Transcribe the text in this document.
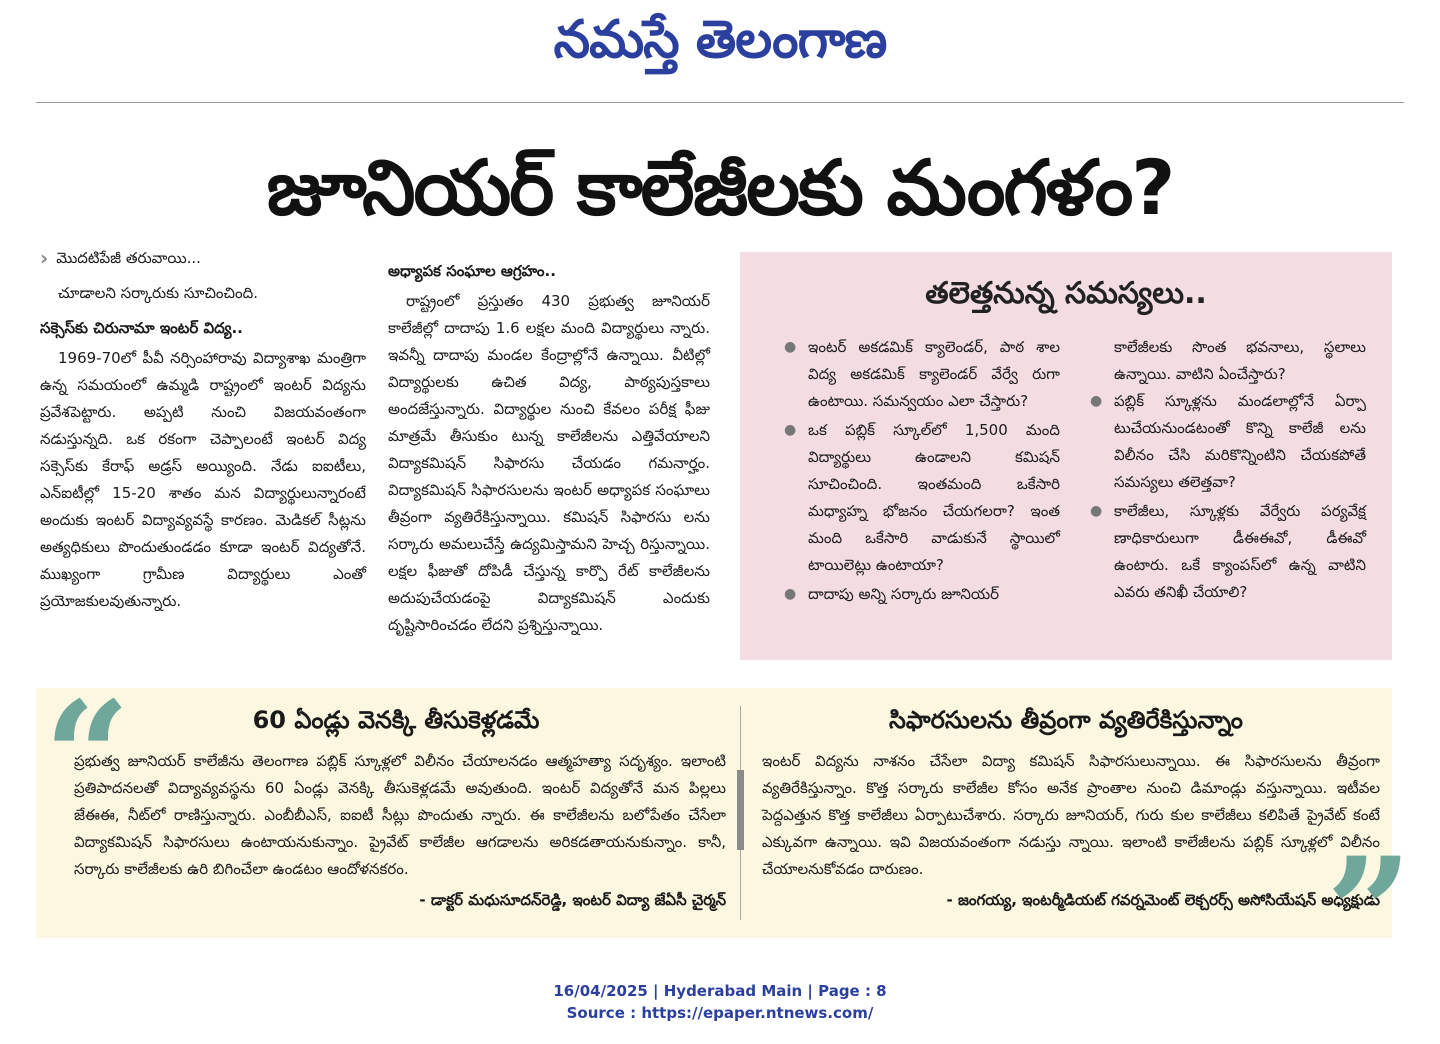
నమస్తే తెలంగాణ
జూనియర్ కాలేజీలకు మంగళం?
› మొదటిపేజీ తరువాయి...

చూడాలని సర్కారుకు సూచించింది.

సక్సెస్‌కు చిరునామా ఇంటర్ విద్య..

1969-70లో పీవీ నర్సింహారావు విద్యాశాఖ మంత్రిగా ఉన్న సమయంలో ఉమ్మడి రాష్ట్రంలో ఇంటర్ విద్యను ప్రవేశపెట్టారు. అప్పటి నుంచి విజయవంతంగా నడుస్తున్నది. ఒక రకంగా చెప్పాలంటే ఇంటర్ విద్య సక్సెస్‌కు కేరాఫ్ అడ్రస్ అయ్యింది. నేడు ఐఐటీలు, ఎన్ఐటీల్లో 15-20 శాతం మన విద్యార్థులున్నారంటే అందుకు ఇంటర్ విద్యావ్యవస్థే కారణం. మెడికల్ సీట్లను అత్యధికులు పొందుతుండడం కూడా ఇంటర్ విద్యతోనే. ముఖ్యంగా గ్రామీణ విద్యార్థులు ఎంతో ప్రయోజకులవుతున్నారు.

అధ్యాపక సంఘాల ఆగ్రహం..

రాష్ట్రంలో ప్రస్తుతం 430 ప్రభుత్వ జూనియర్ కాలేజీల్లో దాదాపు 1.6 లక్షల మంది విద్యార్థులు న్నారు. ఇవన్నీ దాదాపు మండల కేంద్రాల్లోనే ఉన్నాయి. వీటిల్లో విద్యార్థులకు ఉచిత విద్య, పాఠ్యపుస్తకాలు అందజేస్తున్నారు. విద్యార్థుల నుంచి కేవలం పరీక్ష ఫీజు మాత్రమే తీసుకుం టున్న కాలేజీలను ఎత్తివేయాలని విద్యాకమిషన్ సిఫారసు చేయడం గమనార్హం. విద్యాకమిషన్ సిఫారసులను ఇంటర్ అధ్యాపక సంఘాలు తీవ్రంగా వ్యతిరేకిస్తున్నాయి. కమిషన్ సిఫారసు లను సర్కారు అమలుచేస్తే ఉద్యమిస్తామని హెచ్చ రిస్తున్నాయి. లక్షల ఫీజుతో దోపిడీ చేస్తున్న కార్పొ రేట్ కాలేజీలను అదుపుచేయడంపై విద్యాకమిషన్ ఎందుకు దృష్టిసారించడం లేదని ప్రశ్నిస్తున్నాయి.

తలెత్తనున్న సమస్యలు..
● ఇంటర్ అకడమిక్ క్యాలెండర్, పాఠ శాల విద్య అకడమిక్ క్యాలెండర్ వేర్వే రుగా ఉంటాయి. సమన్వయం ఎలా చేస్తారు?
● ఒక పబ్లిక్ స్కూల్‌లో 1,500 మంది విద్యార్థులు ఉండాలని కమిషన్ సూచించింది. ఇంతమంది ఒకేసారి మధ్యాహ్న భోజనం చేయగలరా? ఇంత మంది ఒకేసారి వాడుకునే స్థాయిలో టాయిలెట్లు ఉంటాయా?
● దాదాపు అన్ని సర్కారు జూనియర్
కాలేజీలకు సొంత భవనాలు, స్థలాలు ఉన్నాయి. వాటిని ఏంచేస్తారు?
● పబ్లిక్ స్కూళ్లను మండలాల్లోనే ఏర్పా టుచేయనుండటంతో కొన్ని కాలేజీ లను విలీనం చేసి మరికొన్నింటిని చేయకపోతే సమస్యలు తలెత్తవా?
● కాలేజీలు, స్కూళ్లకు వేర్వేరు పర్యవేక్ష ణాధికారులుగా డీఈఈవో, డీఈవో ఉంటారు. ఒకే క్యాంపస్‌లో ఉన్న వాటిని ఎవరు తనిఖీ చేయాలి?
“	60 ఏండ్లు వెనక్కి తీసుకెళ్లడమే

ప్రభుత్వ జూనియర్ కాలేజీను తెలంగాణ పబ్లిక్ స్కూళ్లలో విలీనం చేయాలనడం ఆత్మహత్యా సదృశ్యం. ఇలాంటి ప్రతిపాదనలతో విద్యావ్యవస్థను 60 ఏండ్లు వెనక్కి తీసుకెళ్లడమే అవుతుంది. ఇంటర్ విద్యతోనే మన పిల్లలు జేఈఈ, నీట్‌లో రాణిస్తున్నారు. ఎంబీబీఎస్, ఐఐటీ సీట్లు పొందుతు న్నారు. ఈ కాలేజీలను బలోపేతం చేసేలా విద్యాకమిషన్ సిఫారసులు ఉంటాయనుకున్నాం. ప్రైవేట్ కాలేజీల ఆగడాలను అరికడతాయనుకున్నాం. కానీ, సర్కారు కాలేజీలకు ఉరి బిగించేలా ఉండటం ఆందోళనకరం.

- డాక్టర్ మధుసూదన్‌రెడ్డి, ఇంటర్ విద్యా జేఏసీ చైర్మన్

సిఫారసులను తీవ్రంగా వ్యతిరేకిస్తున్నాం

ఇంటర్ విద్యను నాశనం చేసేలా విద్యా కమిషన్ సిఫారసులున్నాయి. ఈ సిఫారసులను తీవ్రంగా వ్యతిరేకిస్తున్నాం. కొత్త సర్కారు కాలేజీల కోసం అనేక ప్రాంతాల నుంచి డిమాండ్లు వస్తున్నాయి. ఇటీవల పెద్దఎత్తున కొత్త కాలేజీలు ఏర్పాటుచేశారు. సర్కారు జూనియర్, గురు కుల కాలేజీలు కలిపితే ప్రైవేట్ కంటే ఎక్కువగా ఉన్నాయి. ఇవి విజయవంతంగా నడుస్తు న్నాయి. ఇలాంటి కాలేజీలను పబ్లిక్ స్కూళ్లలో విలీనం చేయాలనుకోవడం దారుణం.

- జంగయ్య, ఇంటర్మీడియట్ గవర్నమెంట్ లెక్చరర్స్ అసోసియేషన్ అధ్యక్షుడు

”
16/04/2025 | Hyderabad Main | Page : 8
Source : https://epaper.ntnews.com/
